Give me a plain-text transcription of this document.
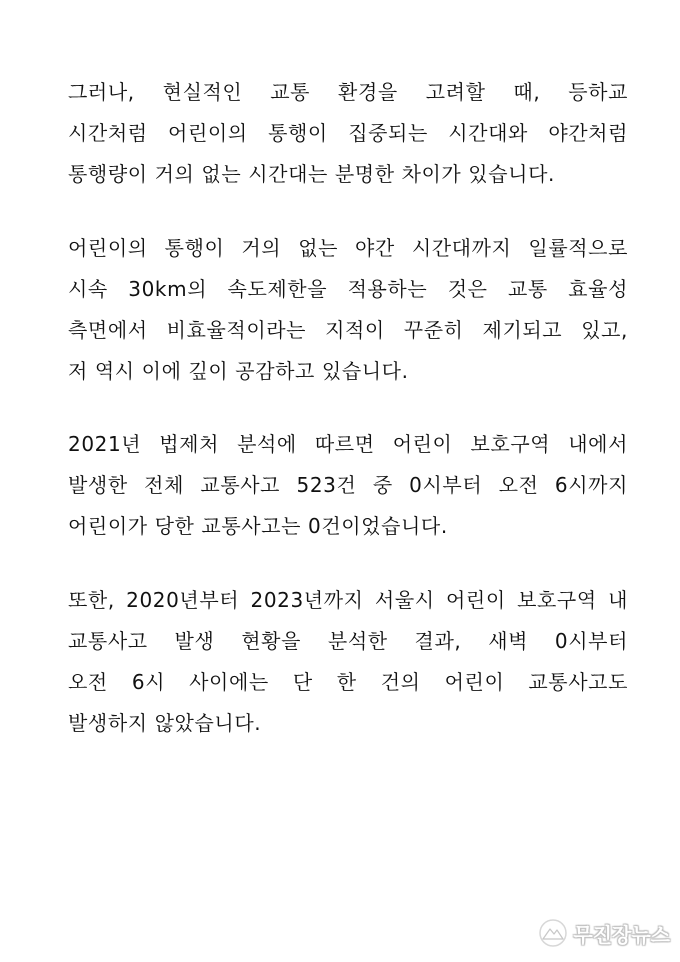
그러나, 현실적인 교통 환경을 고려할 때, 등하교
시간처럼 어린이의 통행이 집중되는 시간대와 야간처럼
통행량이 거의 없는 시간대는 분명한 차이가 있습니다.
어린이의 통행이 거의 없는 야간 시간대까지 일률적으로
시속 30km의 속도제한을 적용하는 것은 교통 효율성
측면에서 비효율적이라는 지적이 꾸준히 제기되고 있고,
저 역시 이에 깊이 공감하고 있습니다.
2021년 법제처 분석에 따르면 어린이 보호구역 내에서
발생한 전체 교통사고 523건 중 0시부터 오전 6시까지
어린이가 당한 교통사고는 0건이었습니다.
또한, 2020년부터 2023년까지 서울시 어린이 보호구역 내
교통사고 발생 현황을 분석한 결과, 새벽 0시부터
오전 6시 사이에는 단 한 건의 어린이 교통사고도
발생하지 않았습니다.
무진장뉴스
